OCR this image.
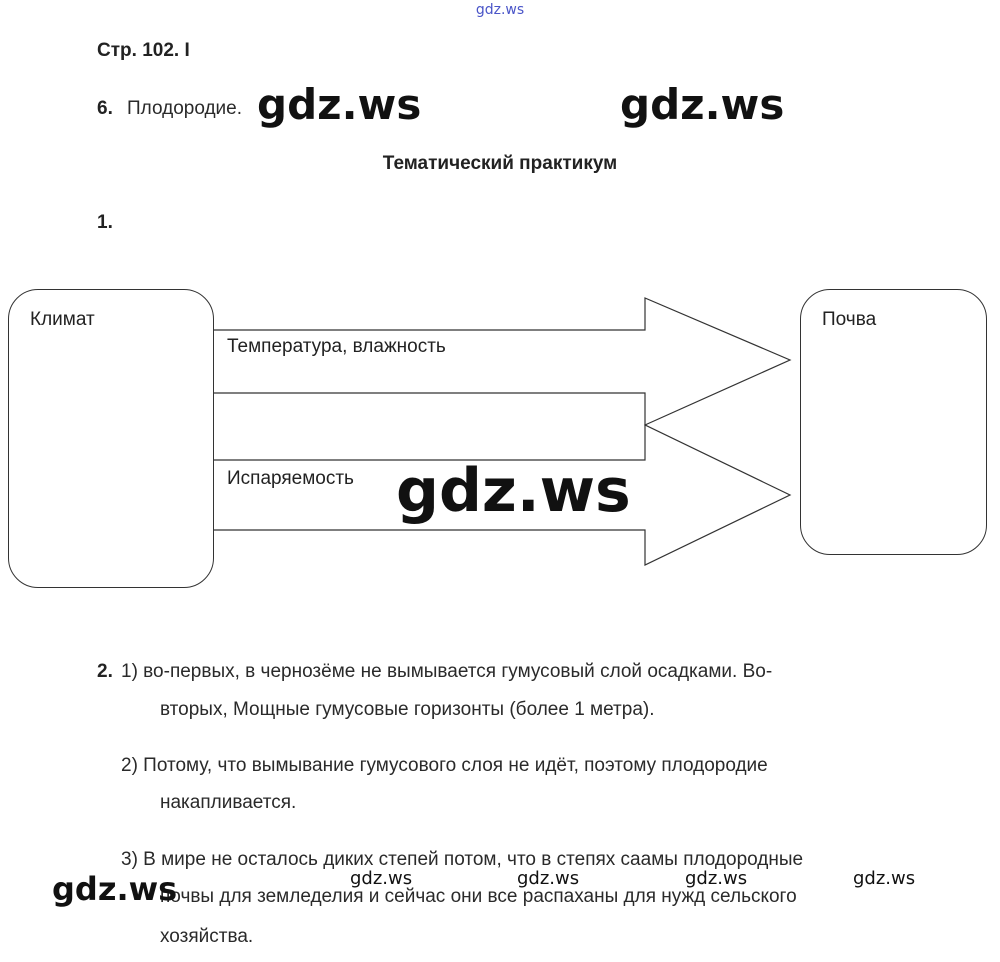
gdz.ws
Стр. 102. I
6. Плодородие. gdz.ws	gdz.ws
Тематический практикум
1.
Климат	Почва
Температура, влажность
Испаряемость gdz.ws
2. 1) во-первых, в чернозёме не вымывается гумусовый слой осадками. Во-
вторых, Мощные гумусовые горизонты (более 1 метра).
2) Потому, что вымывание гумусового слоя не идёт, поэтому плодородие
накапливается.
3) В мире не осталось диких степей потом, что в степях саамы плодородные
почвы для земледелия и сейчас они все распаханы для нужд сельского
хозяйства.
gdz.ws	gdz.ws	gdz.ws	gdz.ws	gdz.ws
